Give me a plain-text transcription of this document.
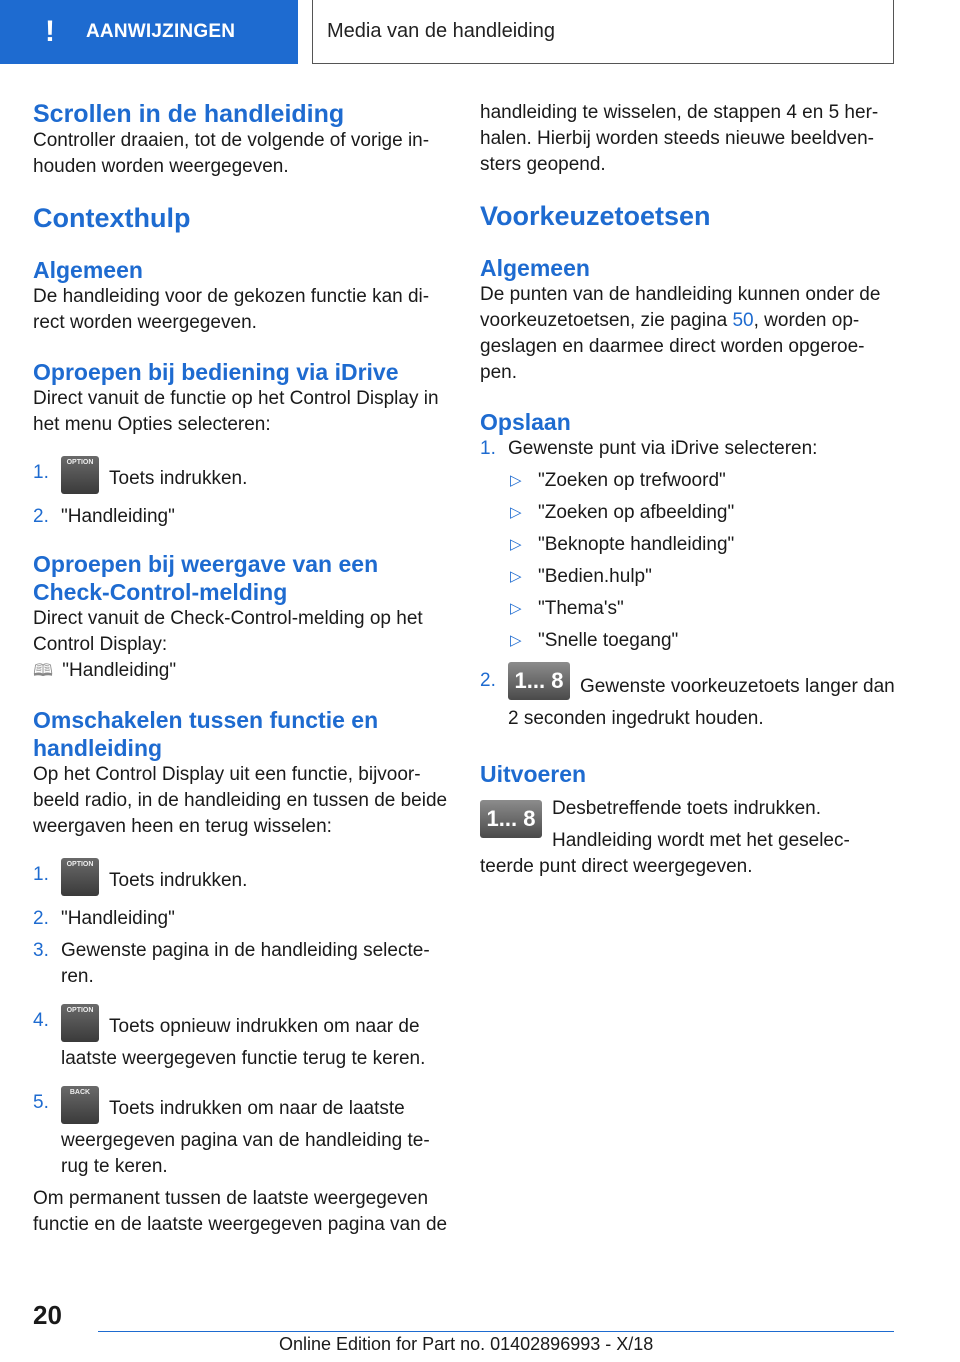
! AANWIJZINGEN	Media van de handleiding
Scrollen in de handleiding

Controller draaien, tot de volgende of vorige in-houden worden weergegeven.

Contexthulp
Algemeen

De handleiding voor de gekozen functie kan di-rect worden weergegeven.

Oproepen bij bediening via iDrive

Direct vanuit de functie op het Control Display in het menu Opties selecteren:

1.	OPTIONToets indrukken.
2. "Handleiding"
Oproepen bij weergave van een Check-Control-melding

Direct vanuit de Check-Control-melding op het Control Display:

🕮 "Handleiding"

Omschakelen tussen functie en handleiding

Op het Control Display uit een functie, bijvoor-beeld radio, in de handleiding en tussen de beide weergaven heen en terug wisselen:

1.	OPTIONToets indrukken.
2. "Handleiding"
3. Gewenste pagina in de handleiding selecte-ren.
4.	OPTIONToets opnieuw indrukken om naar de laatste weergegeven functie terug te keren.
5.	BACKToets indrukken om naar de laatste weergegeven pagina van de handleiding te-rug te keren.

Om permanent tussen de laatste weergegeven functie en de laatste weergegeven pagina van de

handleiding te wisselen, de stappen 4 en 5 her-halen. Hierbij worden steeds nieuwe beeldven-sters geopend.

Voorkeuzetoetsen
Algemeen

De punten van de handleiding kunnen onder de voorkeuzetoetsen, zie pagina 50, worden op-geslagen en daarmee direct worden opgeroe-pen.

Opslaan
1. Gewenste punt via iDrive selecteren:
▷ "Zoeken op trefwoord"
▷ "Zoeken op afbeelding"
▷ "Beknopte handleiding"
▷ "Bedien.hulp"
▷ "Thema's"
▷ "Snelle toegang"
2. 1... 8 Gewenste voorkeuzetoets langer dan 2 seconden ingedrukt houden.
Uitvoeren
1... 8 Desbetreffende toets indrukken.

Handleiding wordt met het geselec-teerde punt direct weergegeven.

20
Online Edition for Part no. 01402896993 - X/18
